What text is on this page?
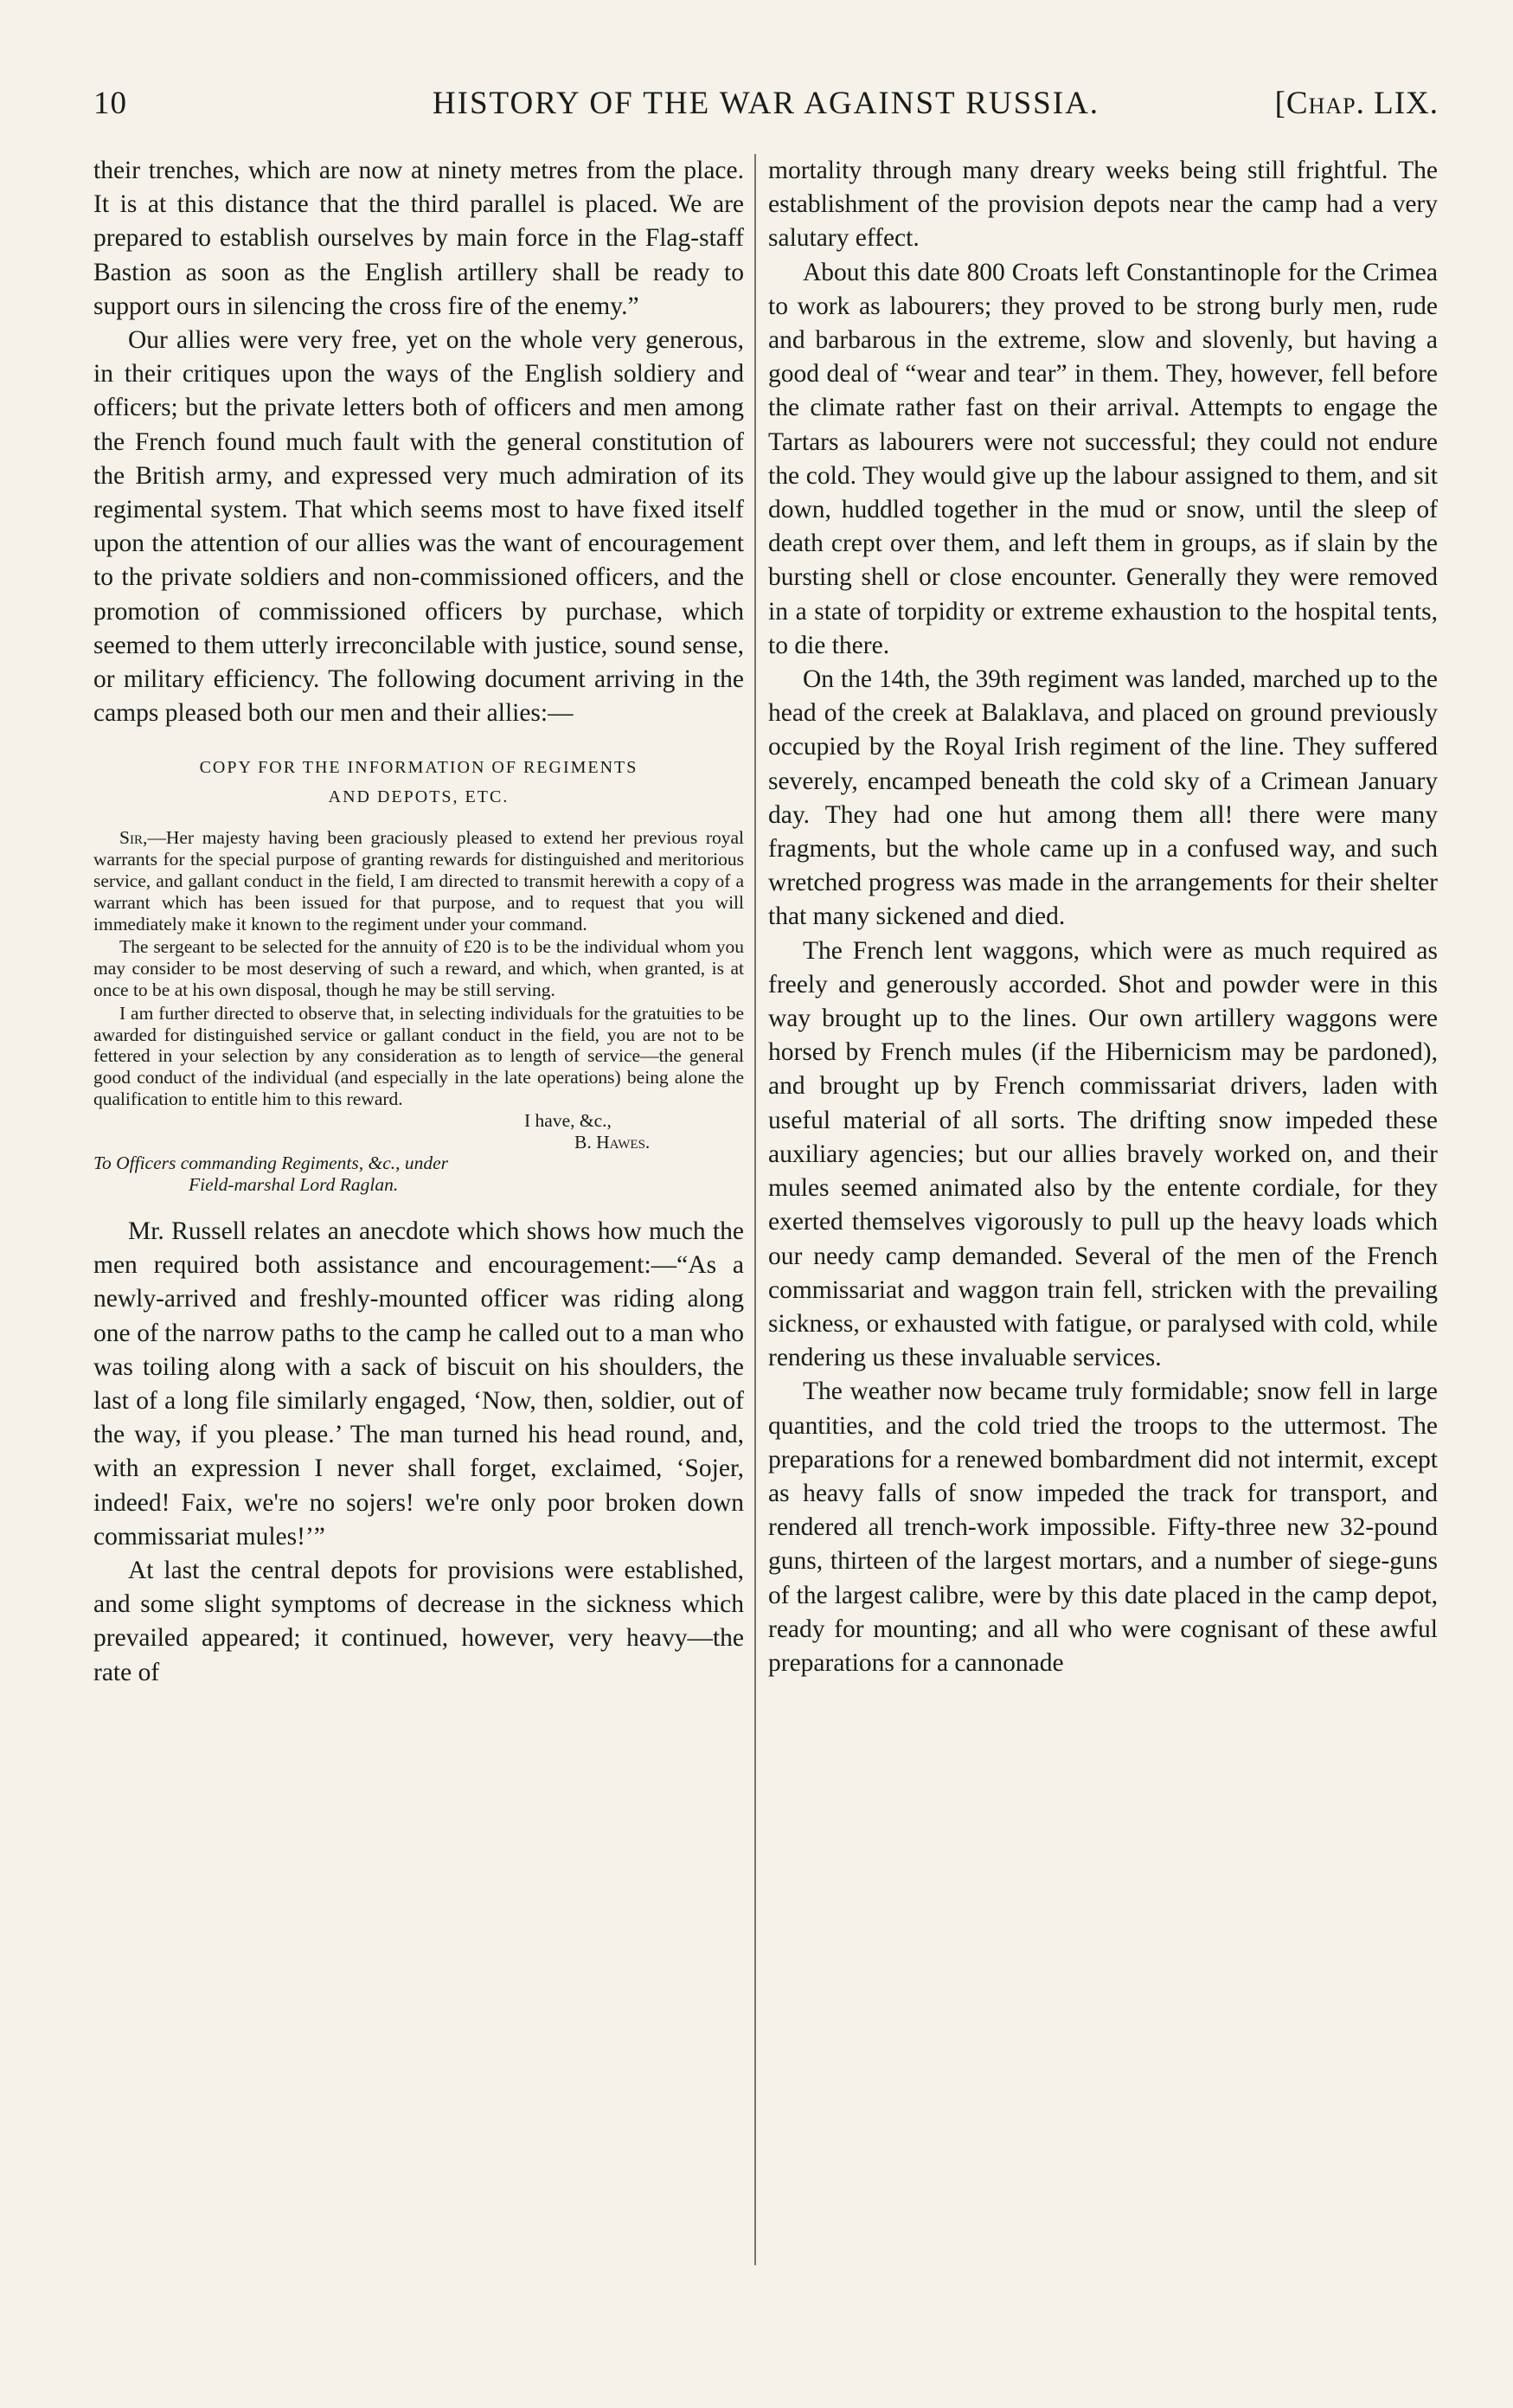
10	HISTORY OF THE WAR AGAINST RUSSIA.	[Chap. LIX.

their trenches, which are now at ninety metres from the place. It is at this distance that the third parallel is placed. We are prepared to establish ourselves by main force in the Flag-staff Bastion as soon as the English artillery shall be ready to support ours in silencing the cross fire of the enemy.”

Our allies were very free, yet on the whole very generous, in their critiques upon the ways of the English soldiery and officers; but the private letters both of officers and men among the French found much fault with the general constitution of the British army, and expressed very much admiration of its regimental system. That which seems most to have fixed itself upon the attention of our allies was the want of encouragement to the private soldiers and non-commissioned officers, and the promotion of commissioned officers by purchase, which seemed to them utterly irreconcilable with justice, sound sense, or military efficiency. The following document arriving in the camps pleased both our men and their allies:—

COPY FOR THE INFORMATION OF REGIMENTS
AND DEPOTS, ETC.

Sir,—Her majesty having been graciously pleased to extend her previous royal warrants for the special purpose of granting rewards for distinguished and meritorious service, and gallant conduct in the field, I am directed to transmit herewith a copy of a warrant which has been issued for that purpose, and to request that you will immediately make it known to the regiment under your command.

The sergeant to be selected for the annuity of £20 is to be the individual whom you may consider to be most deserving of such a reward, and which, when granted, is at once to be at his own disposal, though he may be still serving.

I am further directed to observe that, in selecting individuals for the gratuities to be awarded for distinguished service or gallant conduct in the field, you are not to be fettered in your selection by any consideration as to length of service—the general good conduct of the individual (and especially in the late operations) being alone the qualification to entitle him to this reward.

I have, &c.,
B. Hawes.
To Officers commanding Regiments, &c., under
Field-marshal Lord Raglan.

Mr. Russell relates an anecdote which shows how much the men required both assistance and encouragement:—“As a newly-arrived and freshly-mounted officer was riding along one of the narrow paths to the camp he called out to a man who was toiling along with a sack of biscuit on his shoulders, the last of a long file similarly engaged, ‘Now, then, soldier, out of the way, if you please.’ The man turned his head round, and, with an expression I never shall forget, exclaimed, ‘Sojer, indeed! Faix, we're no sojers! we're only poor broken down commissariat mules!’”

At last the central depots for provisions were established, and some slight symptoms of decrease in the sickness which prevailed appeared; it continued, however, very heavy—the rate of

mortality through many dreary weeks being still frightful. The establishment of the provision depots near the camp had a very salutary effect.

About this date 800 Croats left Constantinople for the Crimea to work as labourers; they proved to be strong burly men, rude and barbarous in the extreme, slow and slovenly, but having a good deal of “wear and tear” in them. They, however, fell before the climate rather fast on their arrival. Attempts to engage the Tartars as labourers were not successful; they could not endure the cold. They would give up the labour assigned to them, and sit down, huddled together in the mud or snow, until the sleep of death crept over them, and left them in groups, as if slain by the bursting shell or close encounter. Generally they were removed in a state of torpidity or extreme exhaustion to the hospital tents, to die there.

On the 14th, the 39th regiment was landed, marched up to the head of the creek at Balaklava, and placed on ground previously occupied by the Royal Irish regiment of the line. They suffered severely, encamped beneath the cold sky of a Crimean January day. They had one hut among them all! there were many fragments, but the whole came up in a confused way, and such wretched progress was made in the arrangements for their shelter that many sickened and died.

The French lent waggons, which were as much required as freely and generously accorded. Shot and powder were in this way brought up to the lines. Our own artillery waggons were horsed by French mules (if the Hibernicism may be pardoned), and brought up by French commissariat drivers, laden with useful material of all sorts. The drifting snow impeded these auxiliary agencies; but our allies bravely worked on, and their mules seemed animated also by the entente cordiale, for they exerted themselves vigorously to pull up the heavy loads which our needy camp demanded. Several of the men of the French commissariat and waggon train fell, stricken with the prevailing sickness, or exhausted with fatigue, or paralysed with cold, while rendering us these invaluable services.

The weather now became truly formidable; snow fell in large quantities, and the cold tried the troops to the uttermost. The preparations for a renewed bombardment did not intermit, except as heavy falls of snow impeded the track for transport, and rendered all trench-work impossible. Fifty-three new 32-pound guns, thirteen of the largest mortars, and a number of siege-guns of the largest calibre, were by this date placed in the camp depot, ready for mounting; and all who were cognisant of these awful preparations for a cannonade
